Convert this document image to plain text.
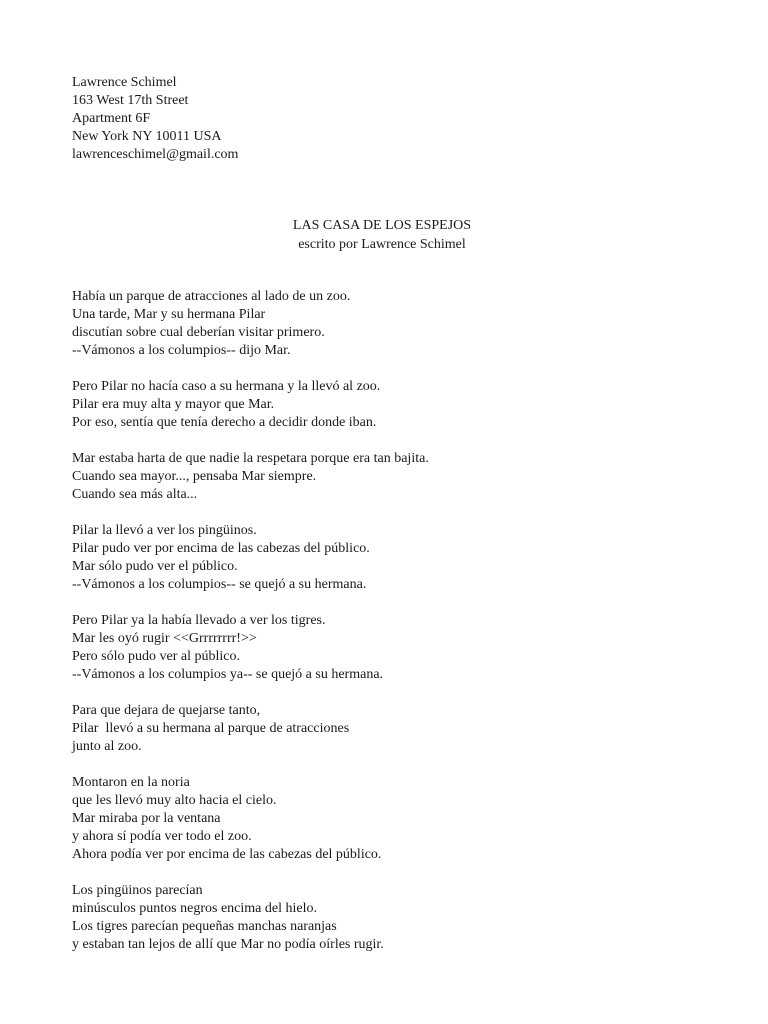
Lawrence Schimel
163 West 17th Street
Apartment 6F
New York NY 10011 USA
lawrenceschimel@gmail.com
LAS CASA DE LOS ESPEJOS
escrito por Lawrence Schimel
Había un parque de atracciones al lado de un zoo.
Una tarde, Mar y su hermana Pilar
discutían sobre cual deberían visitar primero.
--Vámonos a los columpios-- dijo Mar.
Pero Pilar no hacía caso a su hermana y la llevó al zoo.
Pilar era muy alta y mayor que Mar.
Por eso, sentía que tenía derecho a decidir donde iban.
Mar estaba harta de que nadie la respetara porque era tan bajita.
Cuando sea mayor..., pensaba Mar siempre.
Cuando sea más alta...
Pilar la llevó a ver los pingüinos.
Pilar pudo ver por encima de las cabezas del público.
Mar sólo pudo ver el público.
--Vámonos a los columpios-- se quejó a su hermana.
Pero Pilar ya la había llevado a ver los tigres.
Mar les oyó rugir <<Grrrrrrrr!>>
Pero sólo pudo ver al público.
--Vámonos a los columpios ya-- se quejó a su hermana.
Para que dejara de quejarse tanto,
Pilar  llevó a su hermana al parque de atracciones
junto al zoo.
Montaron en la noria
que les llevó muy alto hacia el cielo.
Mar miraba por la ventana
y ahora sí podía ver todo el zoo.
Ahora podía ver por encima de las cabezas del público.
Los pingüinos parecían
minúsculos puntos negros encima del hielo.
Los tigres parecían pequeñas manchas naranjas
y estaban tan lejos de allí que Mar no podía oírles rugir.
